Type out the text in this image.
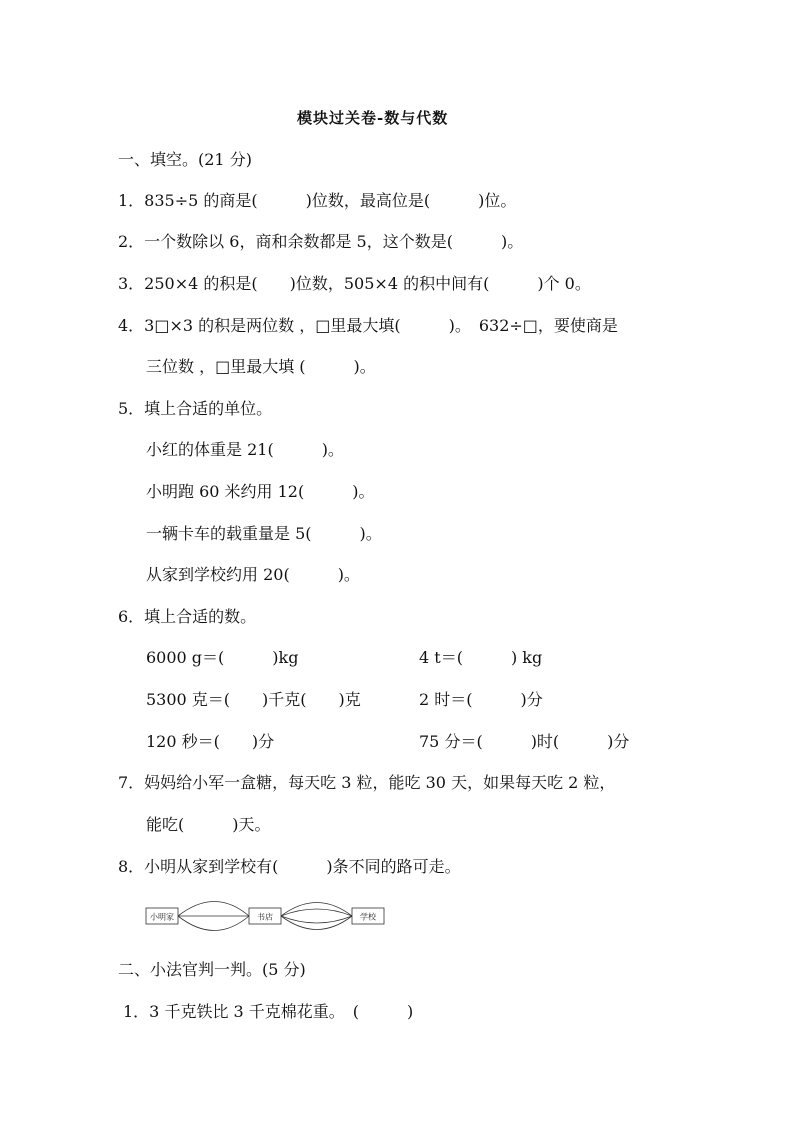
模块过关卷-数与代数
一、填空。(21 分)
1．835÷5 的商是(　　　)位数，最高位是(　　　)位。
2．一个数除以 6，商和余数都是 5，这个数是(　　　)。
3．250×4 的积是(　　)位数，505×4 的积中间有(　　　)个 0。
4．3□×3 的积是两位数 ，□里最大填(　　　)。　632÷□，要使商是
三位数 ，□里最大填 (　　　)。
5．填上合适的单位。
小红的体重是 21(　　　)。
小明跑 60 米约用 12(　　　)。
一辆卡车的载重量是 5(　　　)。
从家到学校约用 20(　　　)。
6．填上合适的数。
6000 g＝(　　　)kg	4 t＝(　　　) kg
5300 克＝(　　)千克(　　)克	2 时＝(　　　)分
120 秒＝(　　)分	75 分＝(　　　)时(　　　)分
7．妈妈给小军一盒糖，每天吃 3 粒，能吃 30 天，如果每天吃 2 粒，
能吃(　　　)天。
8．小明从家到学校有(　　　)条不同的路可走。
小明家	书店	学校
二、小法官判一判。(5 分)
1．3 千克铁比 3 千克棉花重。　(　　　)
